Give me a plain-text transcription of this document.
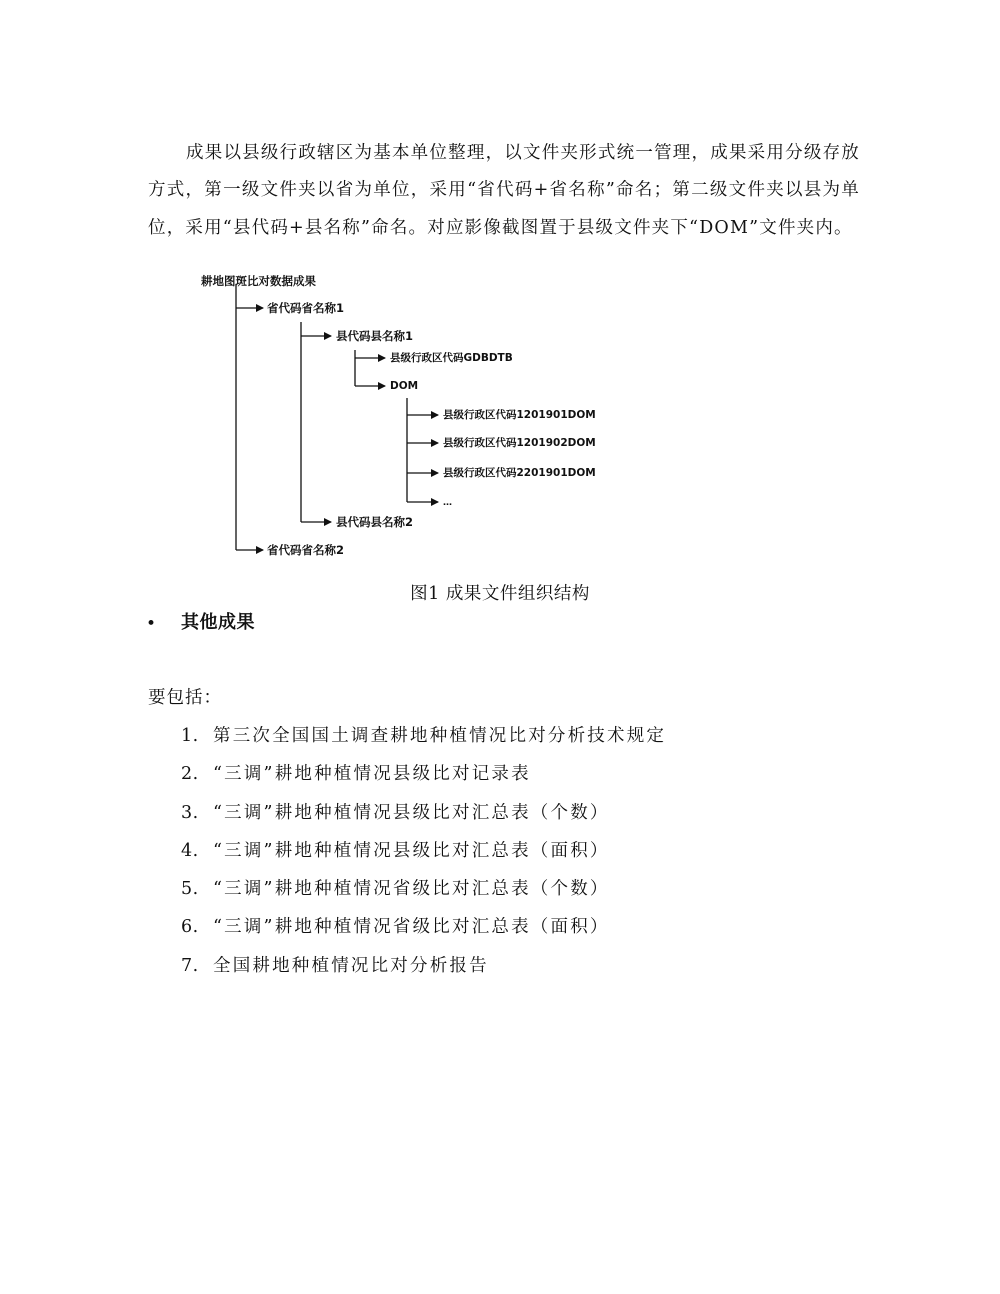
成果以县级行政辖区为基本单位整理，以文件夹形式统一管理，成果采用分级存放方式，第一级文件夹以省为单位，采用“省代码+省名称”命名；第二级文件夹以县为单位，采用“县代码+县名称”命名。对应影像截图置于县级文件夹下“DOM”文件夹内。

耕地图斑比对数据成果
省代码省名称1
县代码县名称1
县级行政区代码GDBDTB
DOM
县级行政区代码1201901DOM
县级行政区代码1201902DOM
县级行政区代码2201901DOM
…
县代码县名称2
省代码省名称2
图1 成果文件组织结构
• 其他成果
要包括：
1. 第三次全国国土调查耕地种植情况比对分析技术规定
2. “三调”耕地种植情况县级比对记录表
3. “三调”耕地种植情况县级比对汇总表（个数）
4. “三调”耕地种植情况县级比对汇总表（面积）
5. “三调”耕地种植情况省级比对汇总表（个数）
6. “三调”耕地种植情况省级比对汇总表（面积）
7. 全国耕地种植情况比对分析报告
